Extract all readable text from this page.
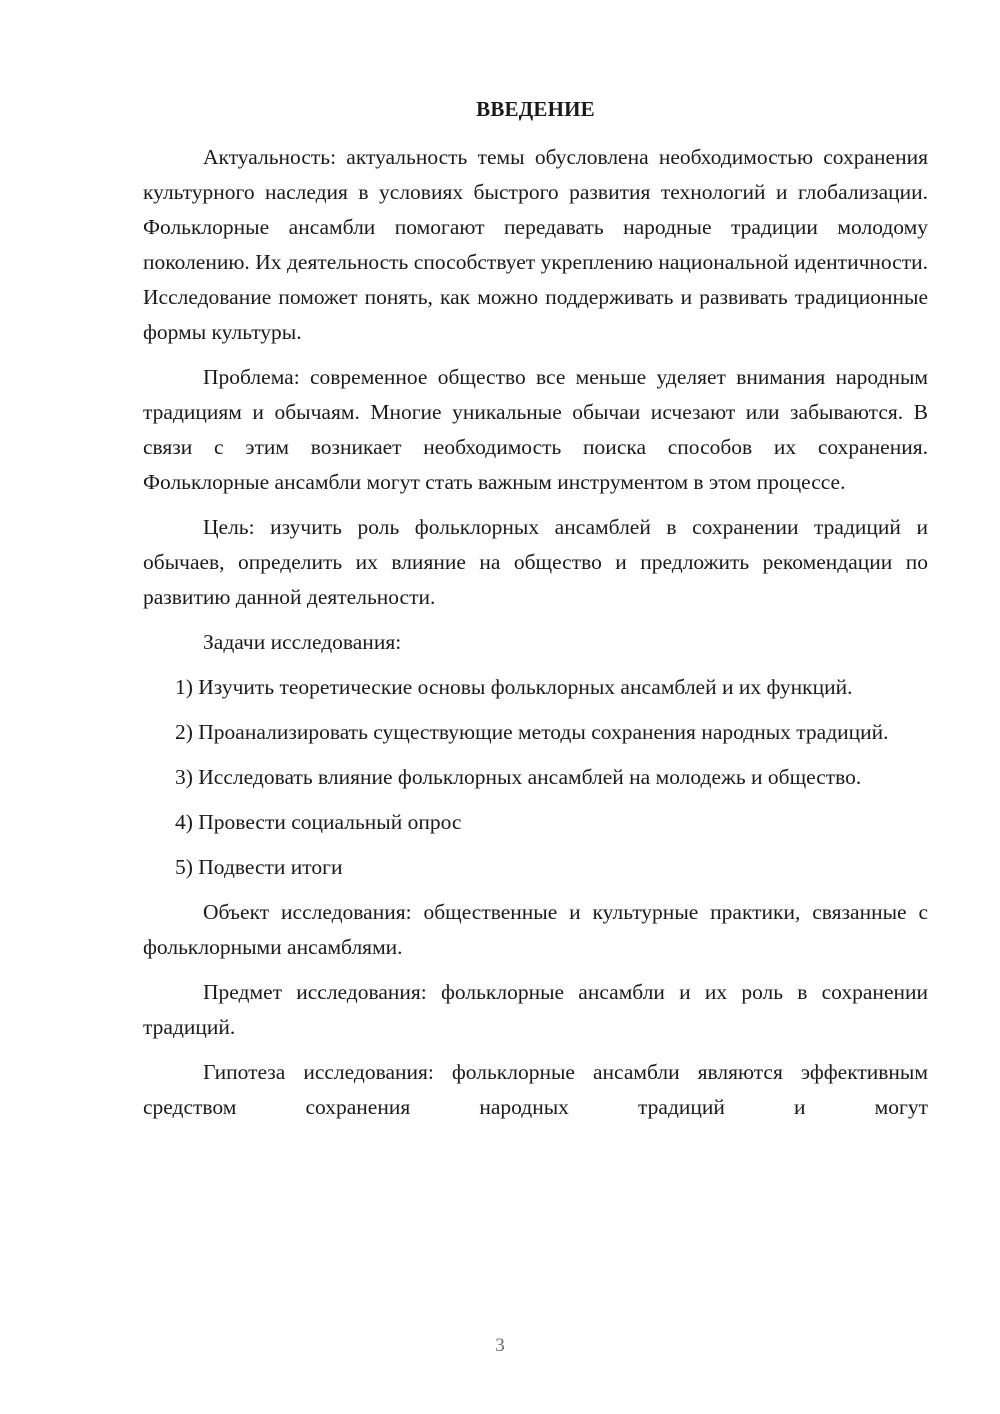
ВВЕДЕНИЕ

Актуальность: актуальность темы обусловлена необходимостью сохранения культурного наследия в условиях быстрого развития технологий и глобализации. Фольклорные ансамбли помогают передавать народные традиции молодому поколению. Их деятельность способствует укреплению национальной идентичности. Исследование поможет понять, как можно поддерживать и развивать традиционные формы культуры.

Проблема: современное общество все меньше уделяет внимания народным традициям и обычаям. Многие уникальные обычаи исчезают или забываются. В связи с этим возникает необходимость поиска способов их сохранения. Фольклорные ансамбли могут стать важным инструментом в этом процессе.

Цель: изучить роль фольклорных ансамблей в сохранении традиций и обычаев, определить их влияние на общество и предложить рекомендации по развитию данной деятельности.

Задачи исследования:

1) Изучить теоретические основы фольклорных ансамблей и их функций.

2) Проанализировать существующие методы сохранения народных традиций.

3) Исследовать влияние фольклорных ансамблей на молодежь и общество.

4) Провести социальный опрос

5) Подвести итоги

Объект исследования: общественные и культурные практики, связанные с фольклорными ансамблями.

Предмет исследования: фольклорные ансамбли и их роль в сохранении традиций.

Гипотеза исследования: фольклорные ансамбли являются эффективным средством сохранения народных традиций и могут

3
